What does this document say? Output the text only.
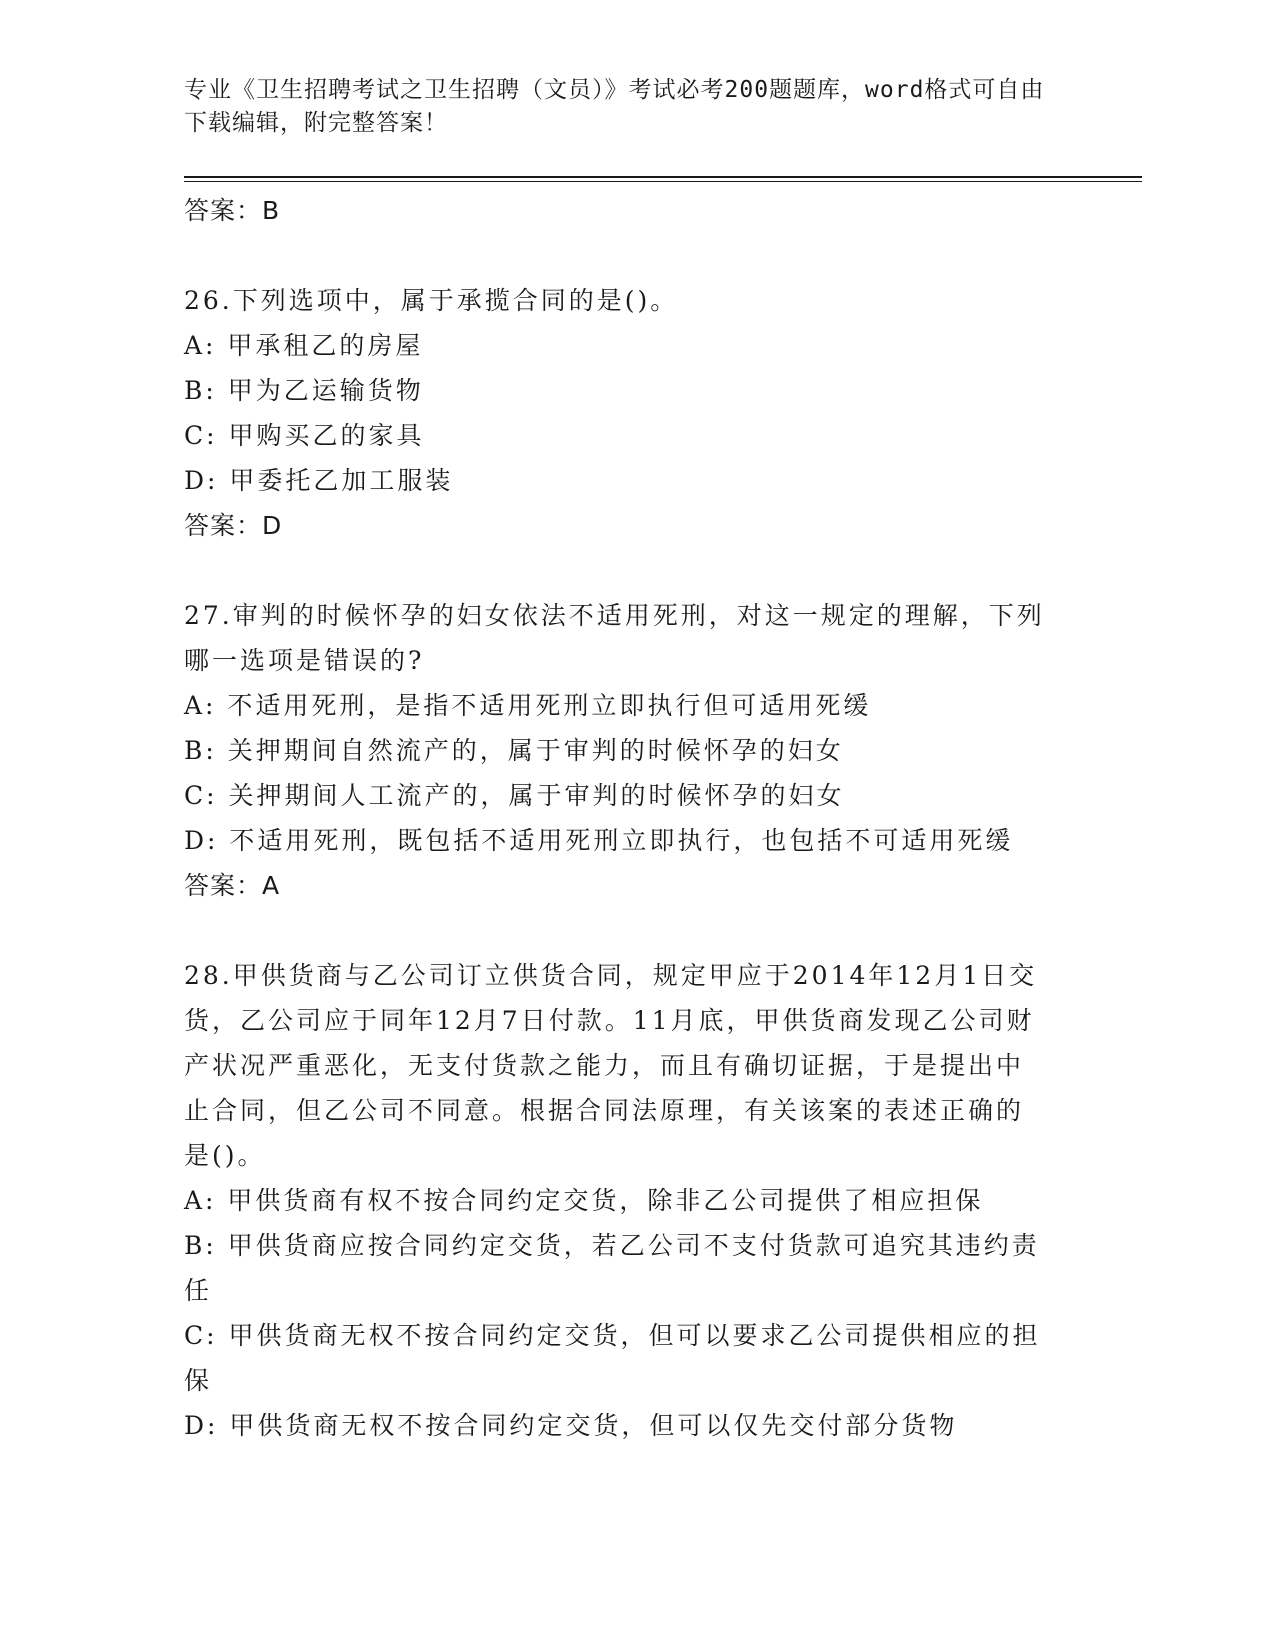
专业《卫生招聘考试之卫生招聘（文员）》考试必考200题题库，word格式可自由下载编辑，附完整答案！
答案：B
26.下列选项中，属于承揽合同的是()。
A: 甲承租乙的房屋
B: 甲为乙运输货物
C: 甲购买乙的家具
D: 甲委托乙加工服装
答案：D
27.审判的时候怀孕的妇女依法不适用死刑，对这一规定的理解，下列
哪一选项是错误的?
A: 不适用死刑，是指不适用死刑立即执行但可适用死缓
B: 关押期间自然流产的，属于审判的时候怀孕的妇女
C: 关押期间人工流产的，属于审判的时候怀孕的妇女
D: 不适用死刑，既包括不适用死刑立即执行，也包括不可适用死缓
答案：A
28.甲供货商与乙公司订立供货合同，规定甲应于2014年12月1日交
货，乙公司应于同年12月7日付款。11月底，甲供货商发现乙公司财
产状况严重恶化，无支付货款之能力，而且有确切证据，于是提出中
止合同，但乙公司不同意。根据合同法原理，有关该案的表述正确的
是()。
A: 甲供货商有权不按合同约定交货，除非乙公司提供了相应担保
B: 甲供货商应按合同约定交货，若乙公司不支付货款可追究其违约责
任
C: 甲供货商无权不按合同约定交货，但可以要求乙公司提供相应的担
保
D: 甲供货商无权不按合同约定交货，但可以仅先交付部分货物
